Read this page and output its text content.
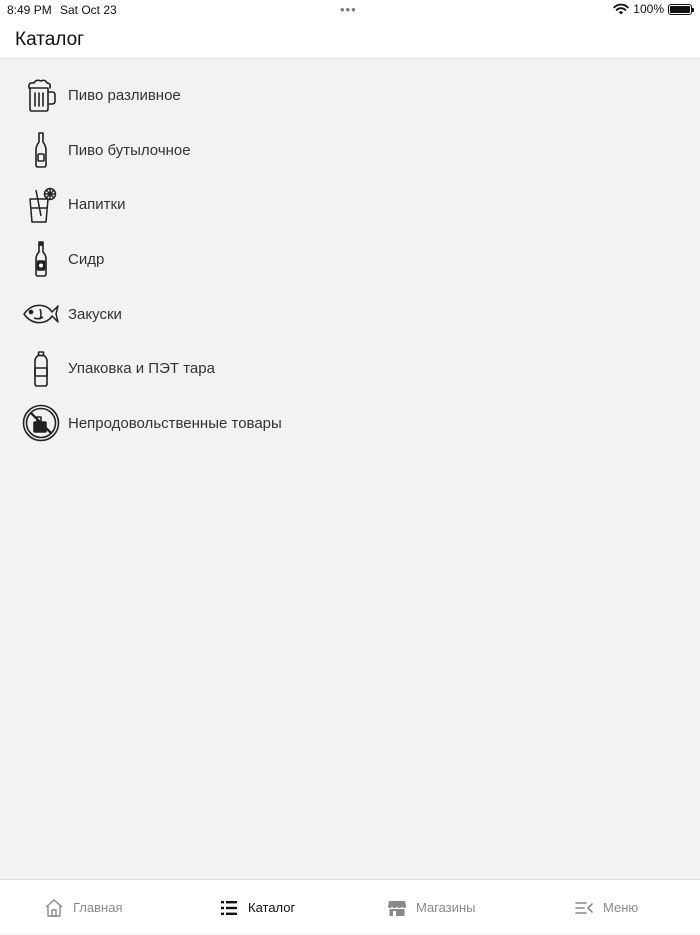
8:49 PM Sat Oct 23	•••	100%
Каталог
Пиво разливное
Пиво бутылочное
Напитки
Сидр
Закуски
Упаковка и ПЭТ тара
Непродовольственные товары
Главная	Каталог	Магазины	Меню
